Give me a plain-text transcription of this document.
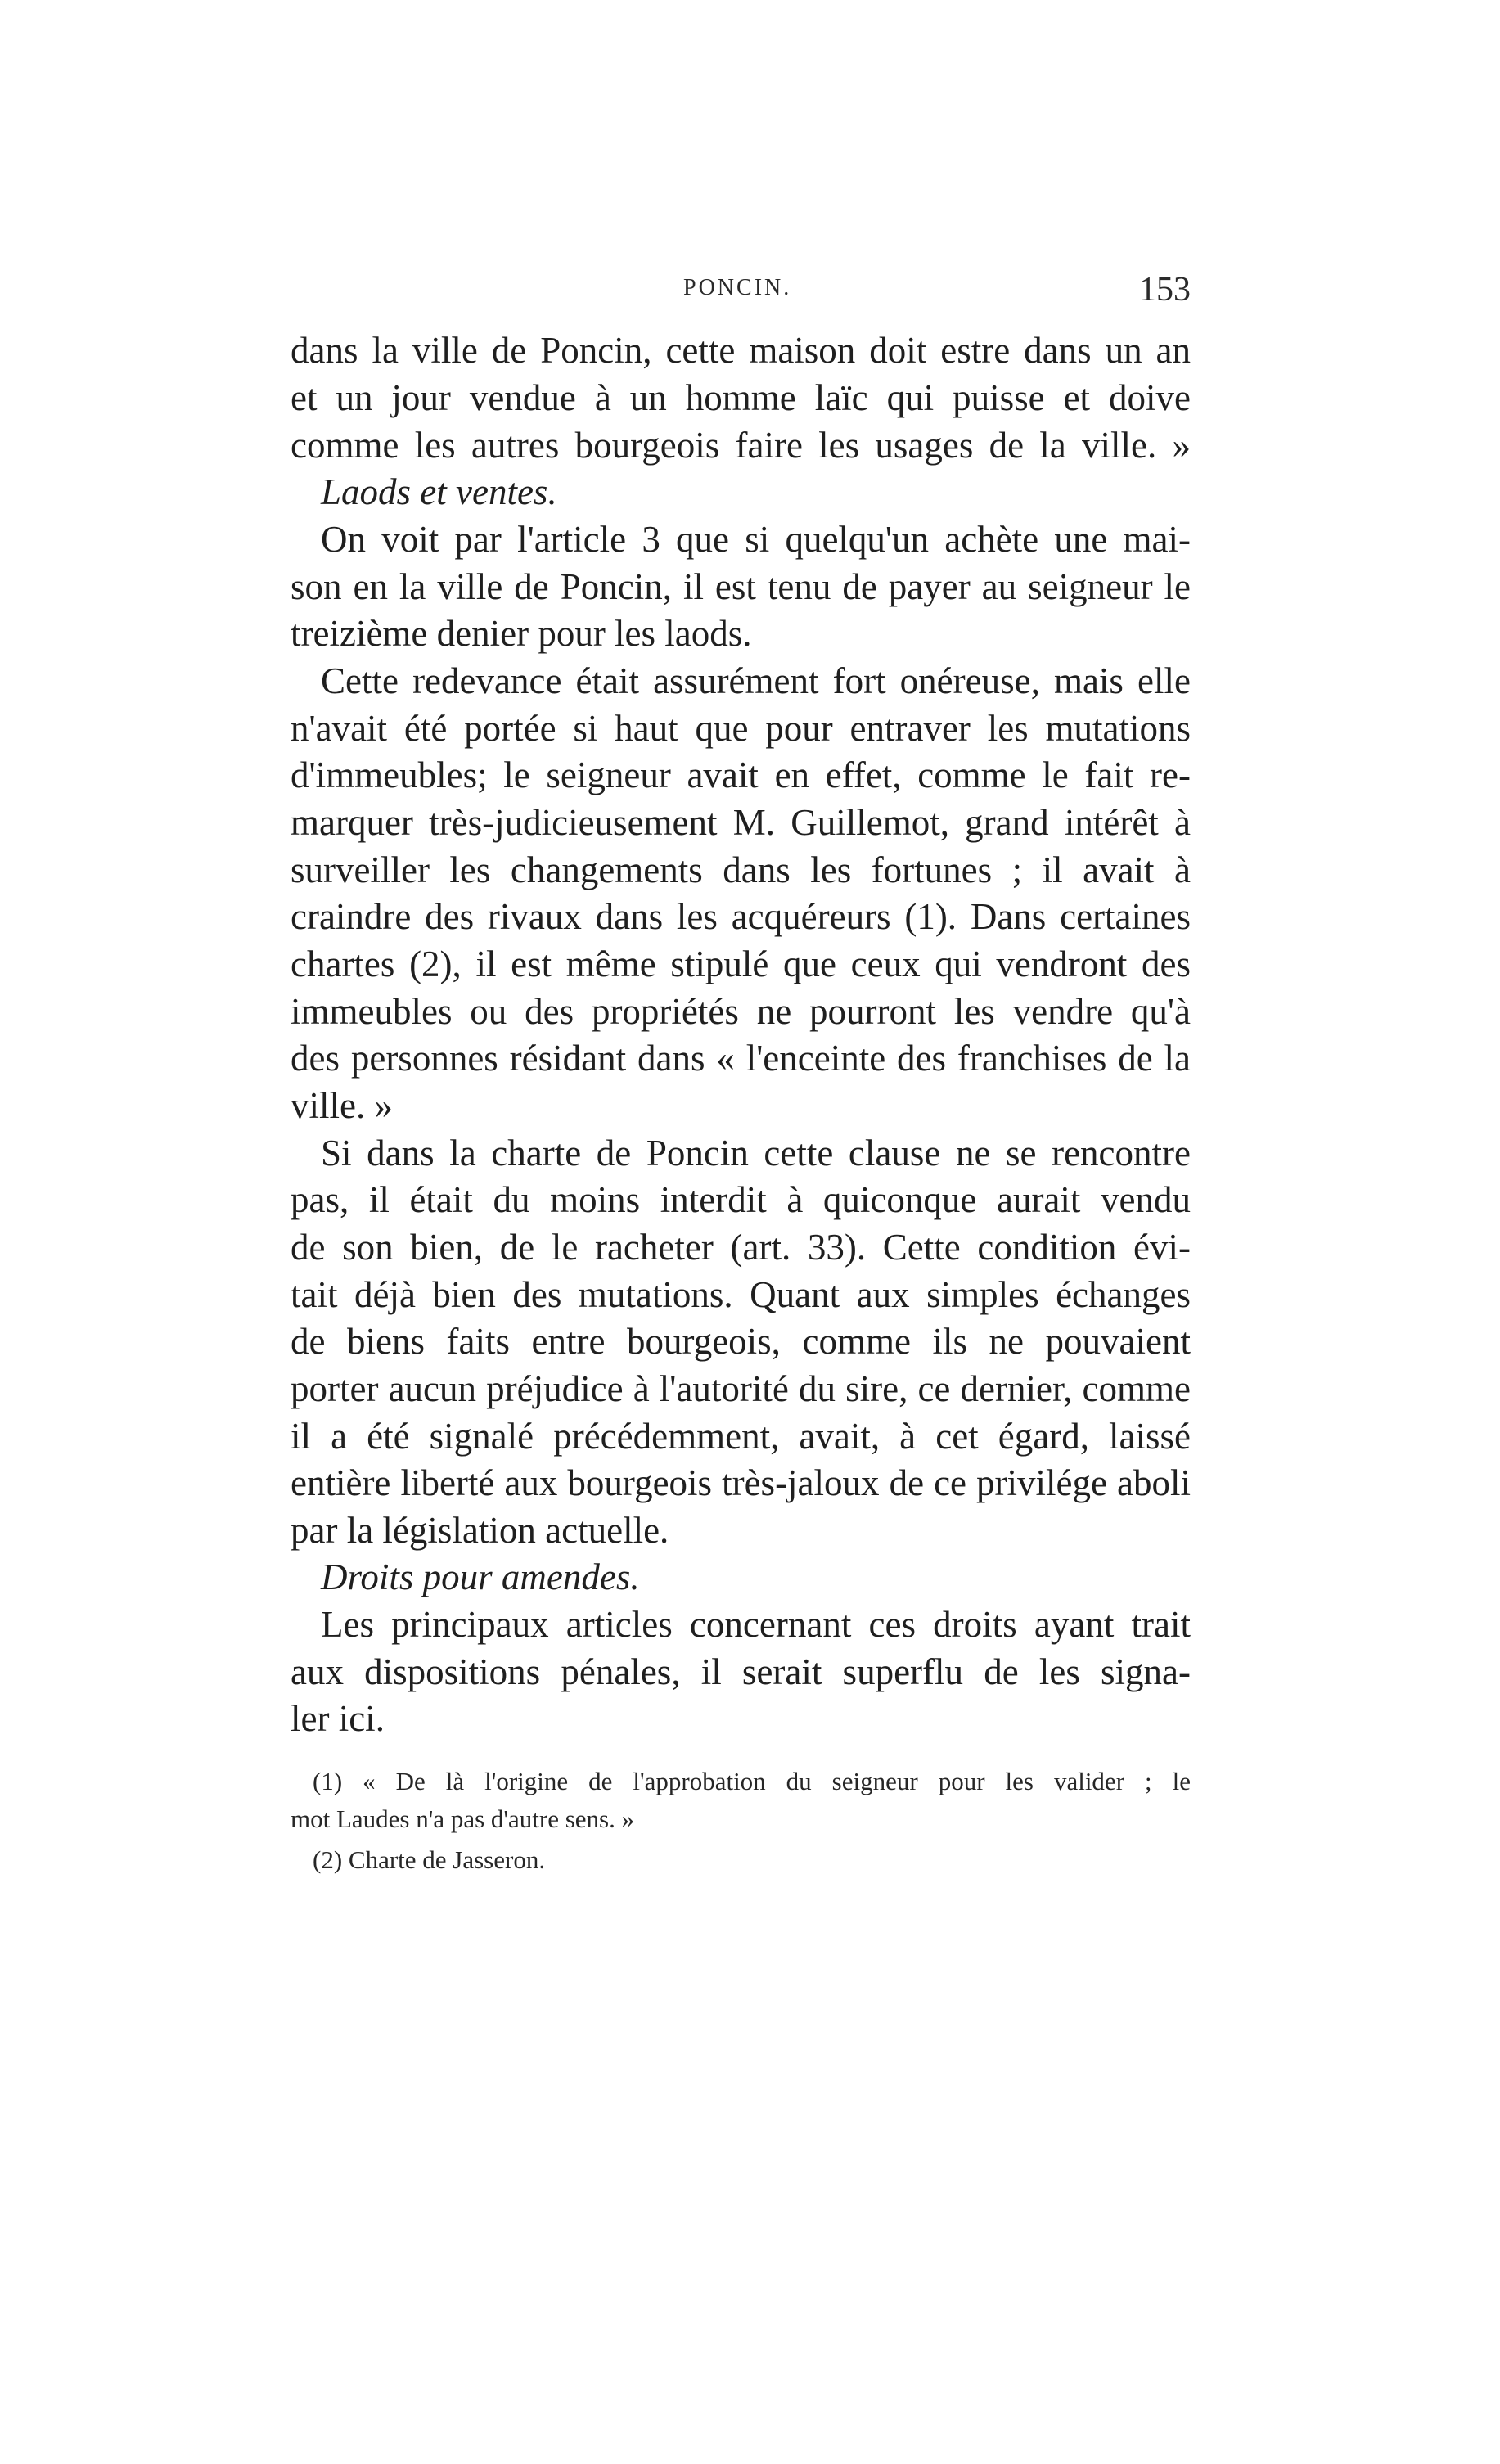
PONCIN.	153
dans la ville de Poncin, cette maison doit estre dans un an
et un jour vendue à un homme laïc qui puisse et doive
comme les autres bourgeois faire les usages de la ville. »
Laods et ventes.
On voit par l'article 3 que si quelqu'un achète une mai-
son en la ville de Poncin, il est tenu de payer au seigneur le
treizième denier pour les laods.
Cette redevance était assurément fort onéreuse, mais elle
n'avait été portée si haut que pour entraver les mutations
d'immeubles; le seigneur avait en effet, comme le fait re-
marquer très-judicieusement M. Guillemot, grand intérêt à
surveiller les changements dans les fortunes ; il avait à
craindre des rivaux dans les acquéreurs (1). Dans certaines
chartes (2), il est même stipulé que ceux qui vendront des
immeubles ou des propriétés ne pourront les vendre qu'à
des personnes résidant dans « l'enceinte des franchises de la
ville. »
Si dans la charte de Poncin cette clause ne se rencontre
pas, il était du moins interdit à quiconque aurait vendu
de son bien, de le racheter (art. 33). Cette condition évi-
tait déjà bien des mutations. Quant aux simples échanges
de biens faits entre bourgeois, comme ils ne pouvaient
porter aucun préjudice à l'autorité du sire, ce dernier, comme
il a été signalé précédemment, avait, à cet égard, laissé
entière liberté aux bourgeois très-jaloux de ce privilége aboli
par la législation actuelle.
Droits pour amendes.
Les principaux articles concernant ces droits ayant trait
aux dispositions pénales, il serait superflu de les signa-
ler ici.
(1) « De là l'origine de l'approbation du seigneur pour les valider ; le
mot Laudes n'a pas d'autre sens. »
(2) Charte de Jasseron.
